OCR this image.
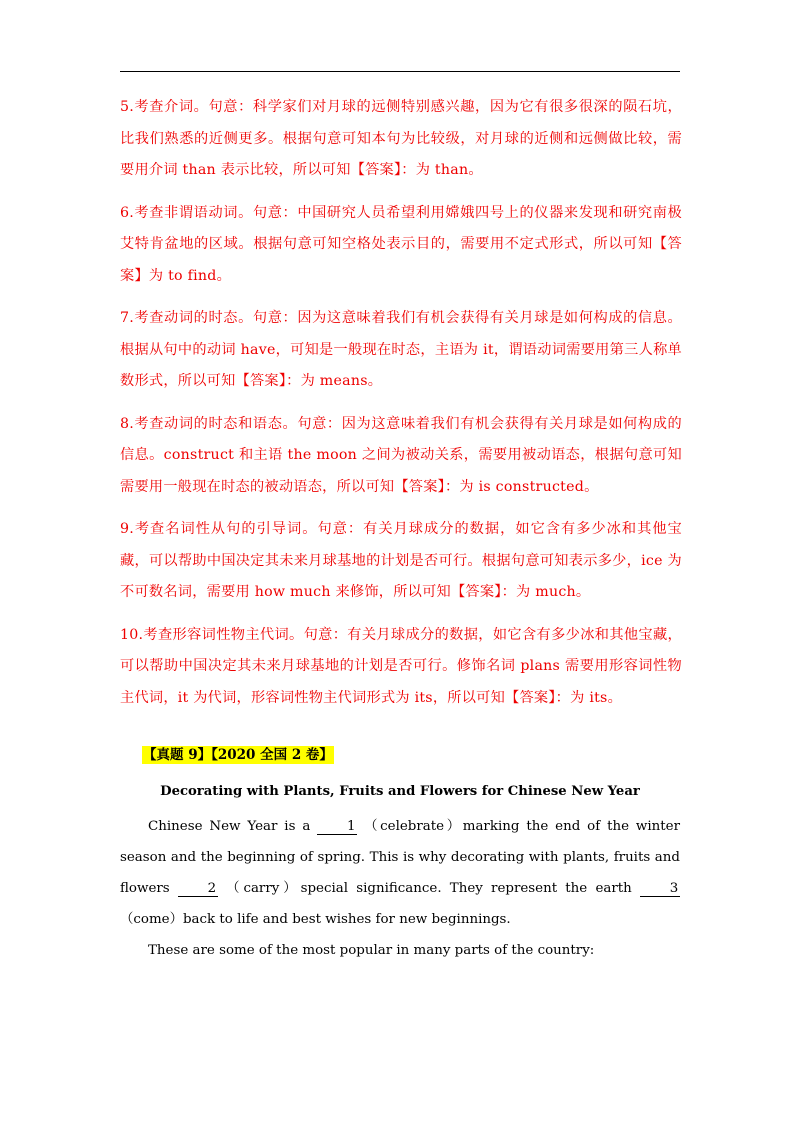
5.考查介词。句意：科学家们对月球的远侧特别感兴趣，因为它有很多很深的陨石坑，比我们熟悉的近侧更多。根据句意可知本句为比较级，对月球的近侧和远侧做比较，需要用介词 than 表示比较，所以可知【答案】：为 than。

6.考查非谓语动词。句意：中国研究人员希望利用嫦娥四号上的仪器来发现和研究南极艾特肯盆地的区域。根据句意可知空格处表示目的，需要用不定式形式，所以可知【答案】为 to find。

7.考查动词的时态。句意：因为这意味着我们有机会获得有关月球是如何构成的信息。根据从句中的动词 have，可知是一般现在时态，主语为 it，谓语动词需要用第三人称单数形式，所以可知【答案】：为 means。

8.考查动词的时态和语态。句意：因为这意味着我们有机会获得有关月球是如何构成的信息。construct 和主语 the moon 之间为被动关系，需要用被动语态，根据句意可知需要用一般现在时态的被动语态，所以可知【答案】：为 is constructed。

9.考查名词性从句的引导词。句意：有关月球成分的数据，如它含有多少冰和其他宝藏，可以帮助中国决定其未来月球基地的计划是否可行。根据句意可知表示多少，ice 为不可数名词，需要用 how much 来修饰，所以可知【答案】：为 much。

10.考查形容词性物主代词。句意：有关月球成分的数据，如它含有多少冰和其他宝藏，可以帮助中国决定其未来月球基地的计划是否可行。修饰名词 plans 需要用形容词性物主代词，it 为代词，形容词性物主代词形式为 its，所以可知【答案】：为 its。

【真题 9】【2020 全国 2 卷】
Decorating with Plants, Fruits and Flowers for Chinese New Year

Chinese New Year is a	1 （celebrate）marking the end of the winter season and the beginning of spring. This is why decorating with plants, fruits and flowers	2 （carry）special significance. They represent the earth	3 （come）back to life and best wishes for new beginnings.

These are some of the most popular in many parts of the country:
